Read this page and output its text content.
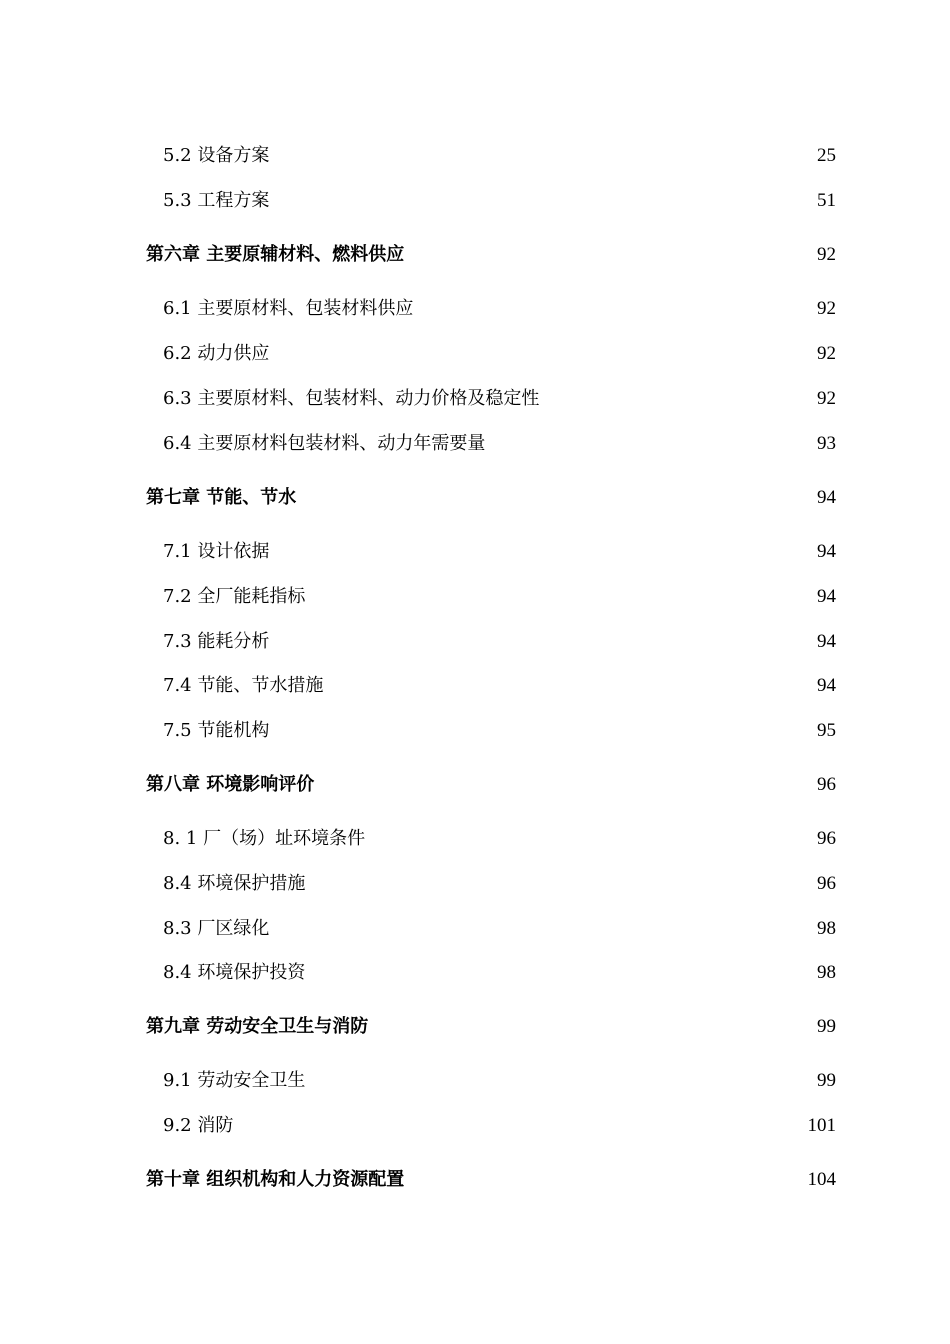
5.2 设备方案	25
5.3 工程方案	51
第六章 主要原辅材料、燃料供应	92
6.1 主要原材料、包装材料供应	92
6.2 动力供应	92
6.3 主要原材料、包装材料、动力价格及稳定性	92
6.4 主要原材料包装材料、动力年需要量	93
第七章 节能、节水	94
7.1 设计依据	94
7.2 全厂能耗指标	94
7.3 能耗分析	94
7.4 节能、节水措施	94
7.5 节能机构	95
第八章 环境影响评价	96
8. 1 厂（场）址环境条件	96
8.4 环境保护措施	96
8.3 厂区绿化	98
8.4 环境保护投资	98
第九章 劳动安全卫生与消防	99
9.1 劳动安全卫生	99
9.2 消防	101
第十章 组织机构和人力资源配置	104
